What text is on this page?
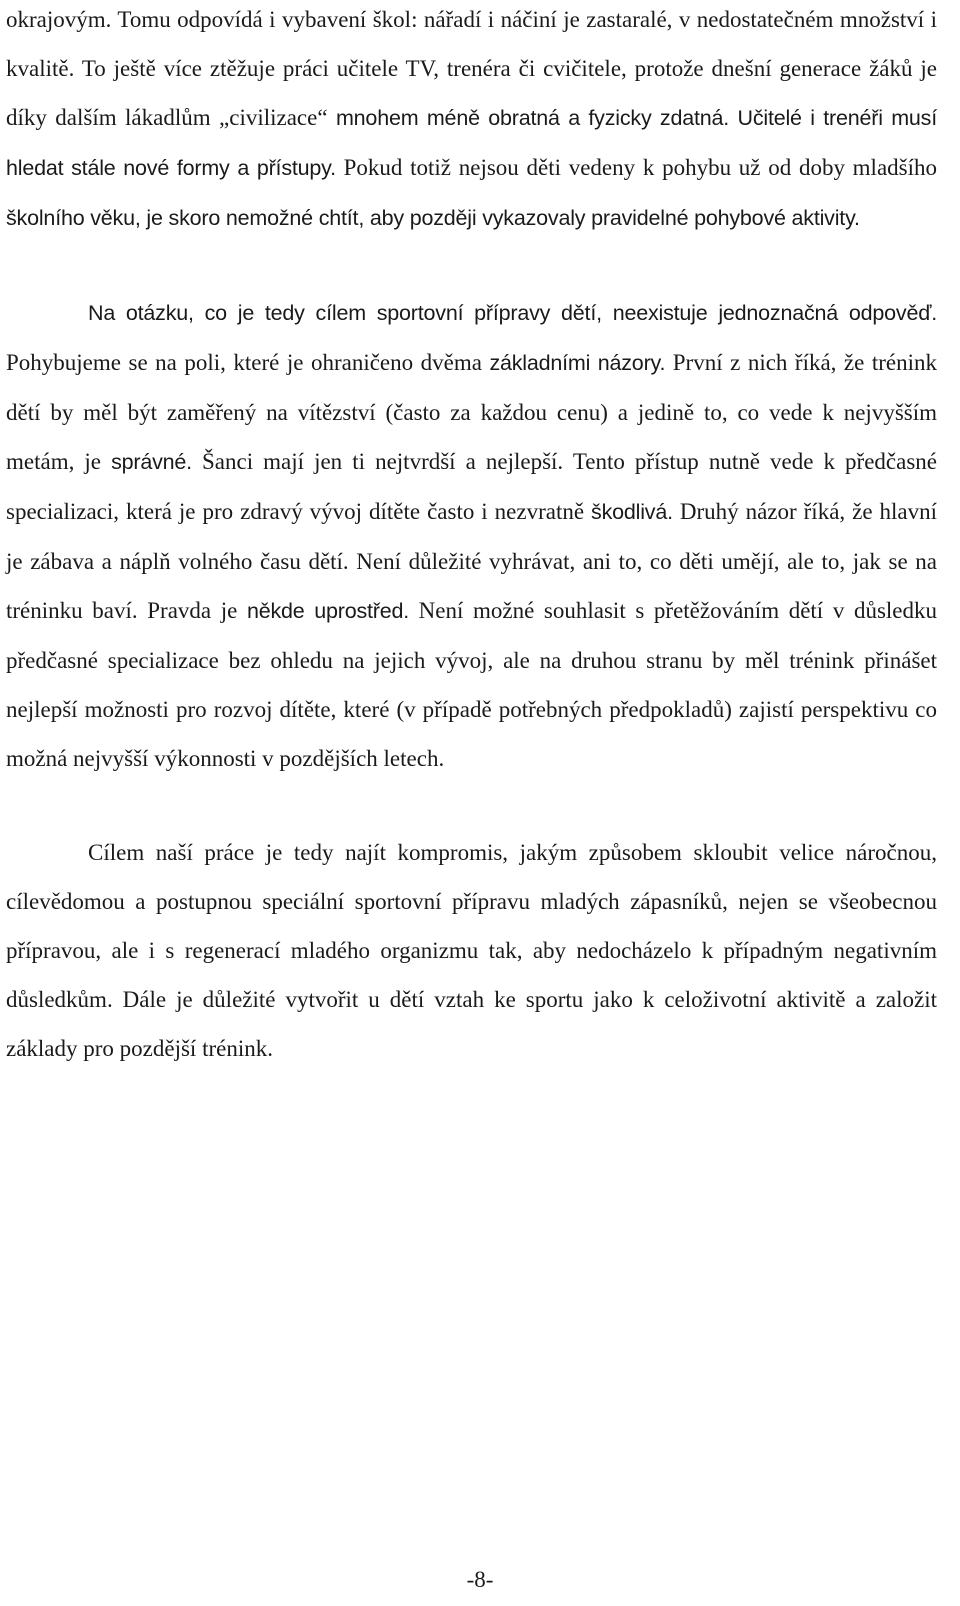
okrajovým. Tomu odpovídá i vybavení škol: nářadí i náčiní je zastaralé, v nedostatečném množství i kvalitě. To ještě více ztěžuje práci učitele TV, trenéra či cvičitele, protože dnešní generace žáků je díky dalším lákadlům „civilizace“ mnohem méně obratná a fyzicky zdatná. Učitelé i trenéři musí hledat stále nové formy a přístupy. Pokud totiž nejsou děti vedeny k pohybu už od doby mladšího školního věku, je skoro nemožné chtít, aby později vykazovaly pravidelné pohybové aktivity.

Na otázku, co je tedy cílem sportovní přípravy dětí, neexistuje jednoznačná odpověď. Pohybujeme se na poli, které je ohraničeno dvěma základními názory. První z nich říká, že trénink dětí by měl být zaměřený na vítězství (často za každou cenu) a jedině to, co vede k nejvyšším metám, je správné. Šanci mají jen ti nejtvrdší a nejlepší. Tento přístup nutně vede k předčasné specializaci, která je pro zdravý vývoj dítěte často i nezvratně škodlivá. Druhý názor říká, že hlavní je zábava a náplň volného času dětí. Není důležité vyhrávat, ani to, co děti umějí, ale to, jak se na tréninku baví. Pravda je někde uprostřed. Není možné souhlasit s přetěžováním dětí v důsledku předčasné specializace bez ohledu na jejich vývoj, ale na druhou stranu by měl trénink přinášet nejlepší možnosti pro rozvoj dítěte, které (v případě potřebných předpokladů) zajistí perspektivu co možná nejvyšší výkonnosti v pozdějších letech.

Cílem naší práce je tedy najít kompromis, jakým způsobem skloubit velice náročnou, cílevědomou a postupnou speciální sportovní přípravu mladých zápasníků, nejen se všeobecnou přípravou, ale i s regenerací mladého organizmu tak, aby nedocházelo k případným negativním důsledkům. Dále je důležité vytvořit u dětí vztah ke sportu jako k celoživotní aktivitě a založit základy pro pozdější trénink.

-8-
